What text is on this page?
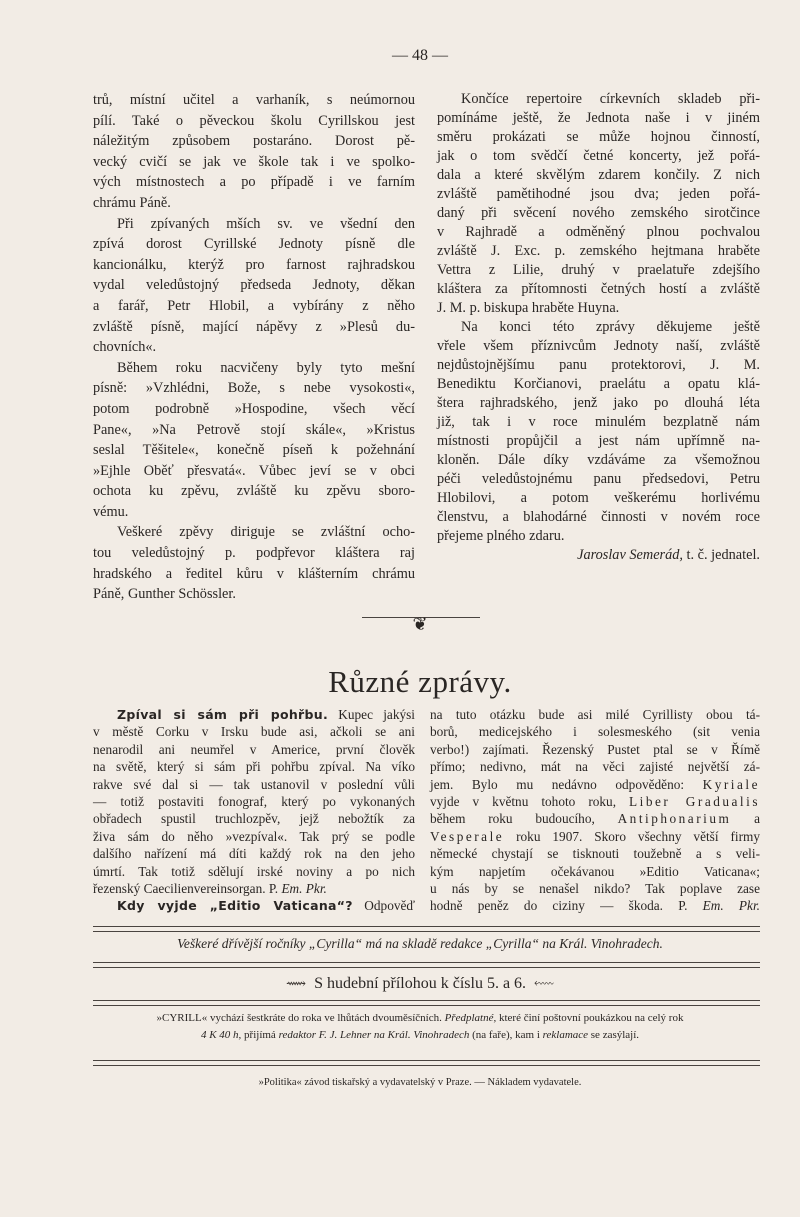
— 48 —
trů, místní učitel a varhaník, s neúmornou
pílí. Také o pěveckou školu Cyrillskou jest
náležitým způsobem postaráno. Dorost pě-
vecký cvičí se jak ve škole tak i ve spolko-
vých místnostech a po případě i ve farním
chrámu Páně.
Při zpívaných mších sv. ve všední den
zpívá dorost Cyrillské Jednoty písně dle
kancionálku, kterýž pro farnost rajhradskou
vydal veledůstojný předseda Jednoty, děkan
a farář, Petr Hlobil, a vybírány z něho
zvláště písně, mající nápěvy z »Plesů du-
chovních«.
Během roku nacvičeny byly tyto mešní
písně: »Vzhlédni, Bože, s nebe vysokosti«,
potom podrobně »Hospodine, všech věcí
Pane«, »Na Petrově stojí skále«, »Kristus
seslal Těšitele«, konečně píseň k požehnání
»Ejhle Oběť přesvatá«. Vůbec jeví se v obci
ochota ku zpěvu, zvláště ku zpěvu sboro-
vému.
Veškeré zpěvy diriguje se zvláštní ocho-
tou veledůstojný p. podpřevor kláštera raj
hradského a ředitel kůru v klášterním chrámu
Páně, Gunther Schössler.
Končíce repertoire církevních skladeb při-
pomínáme ještě, že Jednota naše i v jiném
směru prokázati se může hojnou činností,
jak o tom svědčí četné koncerty, jež pořá-
dala a které skvělým zdarem končily. Z nich
zvláště pamětihodné jsou dva; jeden pořá-
daný při svěcení nového zemského sirotčince
v Rajhradě a odměněný plnou pochvalou
zvláště J. Exc. p. zemského hejtmana hraběte
Vettra z Lilie, druhý v praelatuře zdejšího
kláštera za přítomnosti četných hostí a zvláště
J. M. p. biskupa hraběte Huyna.
Na konci této zprávy děkujeme ještě
vřele všem příznivcům Jednoty naší, zvláště
nejdůstojnějšímu panu protektorovi, J. M.
Benediktu Korčianovi, praelátu a opatu klá-
štera rajhradského, jenž jako po dlouhá léta
již, tak i v roce minulém bezplatně nám
místnosti propůjčil a jest nám upřímně na-
kloněn. Dále díky vzdáváme za všemožnou
péči veledůstojnému panu předsedovi, Petru
Hlobilovi, a potom veškerému horlivému
členstvu, a blahodárné činnosti v novém roce
přejeme plného zdaru.
Jaroslav Semerád, t. č. jednatel.
❦
Různé zprávy.
Zpíval si sám při pohřbu. Kupec jakýsi
v městě Corku v Irsku bude asi, ačkoli se ani
nenarodil ani neumřel v Americe, první člověk
na světě, který si sám při pohřbu zpíval. Na víko
rakve své dal si — tak ustanovil v poslední vůli
— totiž postaviti fonograf, který po vykonaných
obřadech spustil truchlozpěv, jejž nebožtík za
živa sám do něho »vezpíval«. Tak prý se podle
dalšího nařízení má díti každý rok na den jeho
úmrtí. Tak totiž sdělují irské noviny a po nich
řezenský Caecilienvereinsorgan. P. Em. Pkr.
Kdy vyjde „Editio Vaticana“? Odpověď
na tuto otázku bude asi milé Cyrillisty obou tá-
borů, medicejského i solesmeského (sit venia
verbo!) zajímati. Řezenský Pustet ptal se v Římě
přímo; nedivno, mát na věci zajisté největší zá-
jem. Bylo mu nedávno odpověděno: Kyriale
vyjde v květnu tohoto roku, Liber Gradualis
během roku budoucího, Antiphonarium a
Vesperale roku 1907. Skoro všechny větší firmy
německé chystají se tisknouti toužebně a s veli-
kým napjetím očekávanou »Editio Vaticana«;
u nás by se nenašel nikdo? Tak poplave zase
hodně peněz do ciziny — škoda. P. Em. Pkr.
Veškeré dřívější ročníky „Cyrilla“ má na skladě redakce „Cyrilla“ na Král. Vinohradech.
⟿ S hudební přílohou k číslu 5. a 6. ⬳
»CYRILL« vychází šestkráte do roka ve lhůtách dvouměsíčních. Předplatné, které činí poštovní poukázkou na celý rok
4 K 40 h, přijímá redaktor F. J. Lehner na Král. Vinohradech (na faře), kam i reklamace se zasýlají.
»Politika« závod tiskařský a vydavatelský v Praze. — Nákladem vydavatele.
